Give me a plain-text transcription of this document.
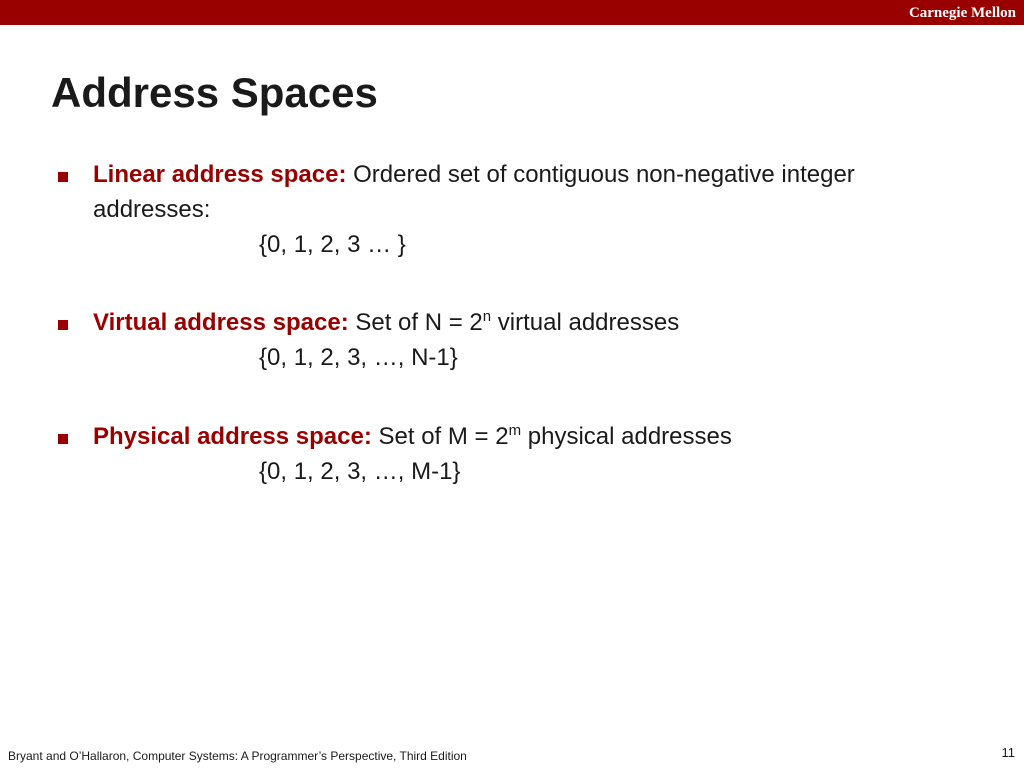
Carnegie Mellon
Address Spaces
Linear address space: Ordered set of contiguous non-negative integer
addresses:
{0, 1, 2, 3 … }
Virtual address space: Set of $N = 2^n$ virtual addresses
{0, 1, 2, 3, …, N-1}
Physical address space: Set of $M = 2^m$ physical addresses
{0, 1, 2, 3, …, M-1}
Bryant and O’Hallaron, Computer Systems: A Programmer’s Perspective, Third Edition	11
